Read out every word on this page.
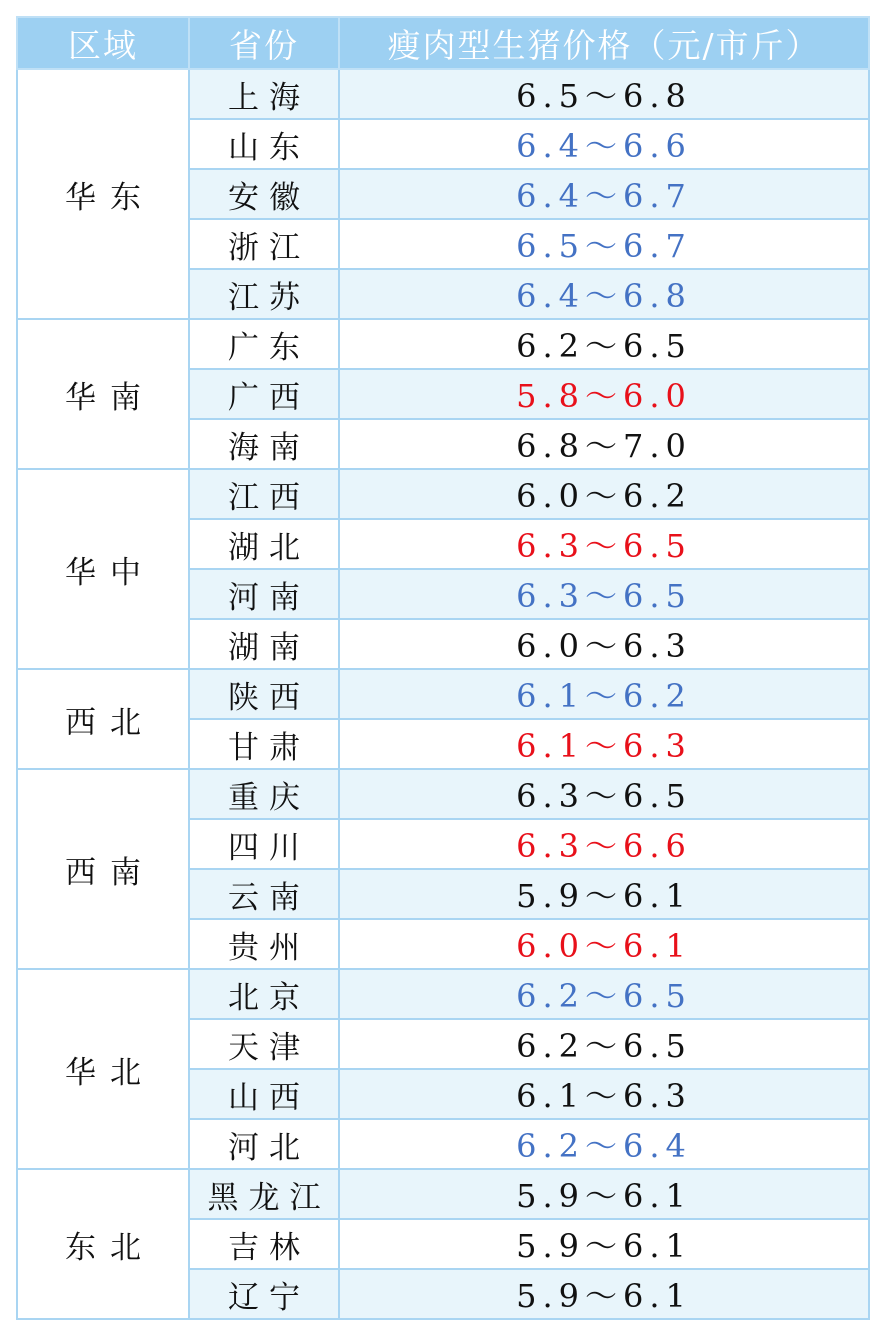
区域	省份	瘦肉型生猪价格（元/市斤）
华东	上海	6.5～6.8
	山东	6.4～6.6
	安徽	6.4～6.7
	浙江	6.5～6.7
	江苏	6.4～6.8
华南	广东	6.2～6.5
	广西	5.8～6.0
	海南	6.8～7.0
华中	江西	6.0～6.2
	湖北	6.3～6.5
	河南	6.3～6.5
	湖南	6.0～6.3
西北	陕西	6.1～6.2
	甘肃	6.1～6.3
西南	重庆	6.3～6.5
	四川	6.3～6.6
	云南	5.9～6.1
	贵州	6.0～6.1
华北	北京	6.2～6.5
	天津	6.2～6.5
	山西	6.1～6.3
	河北	6.2～6.4
东北	黑龙江	5.9～6.1
	吉林	5.9～6.1
	辽宁	5.9～6.1
